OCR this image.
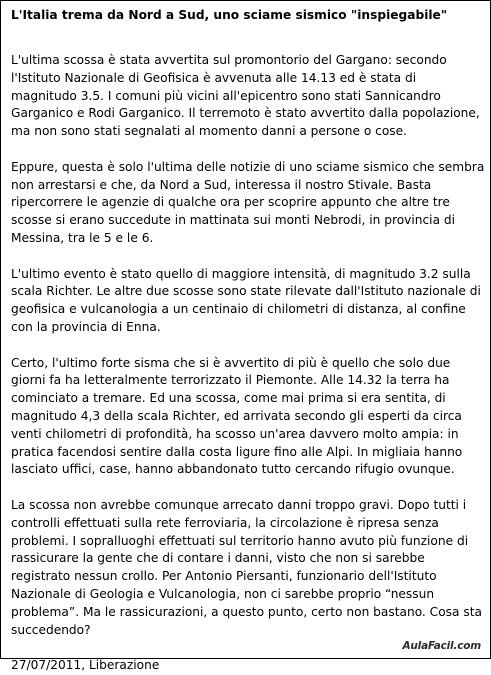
L'Italia trema da Nord a Sud, uno sciame sismico "inspiegabile"

L'ultima scossa è stata avvertita sul promontorio del Gargano: secondo l'Istituto Nazionale di Geofisica è avvenuta alle 14.13 ed è stata di magnitudo 3.5. I comuni più vicini all'epicentro sono stati Sannicandro Garganico e Rodi Garganico. Il terremoto è stato avvertito dalla popolazione, ma non sono stati segnalati al momento danni a persone o cose.

Eppure, questa è solo l'ultima delle notizie di uno sciame sismico che sembra non arrestarsi e che, da Nord a Sud, interessa il nostro Stivale. Basta ripercorrere le agenzie di qualche ora per scoprire appunto che altre tre scosse si erano succedute in mattinata sui monti Nebrodi, in provincia di Messina, tra le 5 e le 6.

L'ultimo evento è stato quello di maggiore intensità, di magnitudo 3.2 sulla scala Richter. Le altre due scosse sono state rilevate dall'Istituto nazionale di geofisica e vulcanologia a un centinaio di chilometri di distanza, al confine con la provincia di Enna.

Certo, l'ultimo forte sisma che si è avvertito di più è quello che solo due giorni fa ha letteralmente terrorizzato il Piemonte. Alle 14.32 la terra ha cominciato a tremare. Ed una scossa, come mai prima si era sentita, di magnitudo 4,3 della scala Richter, ed arrivata secondo gli esperti da circa venti chilometri di profondità, ha scosso un'area davvero molto ampia: in pratica facendosi sentire dalla costa ligure fino alle Alpi. In migliaia hanno lasciato uffici, case, hanno abbandonato tutto cercando rifugio ovunque.

La scossa non avrebbe comunque arrecato danni troppo gravi. Dopo tutti i controlli effettuati sulla rete ferroviaria, la circolazione è ripresa senza problemi. I sopralluoghi effettuati sul territorio hanno avuto più funzione di rassicurare la gente che di contare i danni, visto che non si sarebbe registrato nessun crollo. Per Antonio Piersanti, funzionario dell'Istituto Nazionale di Geologia e Vulcanologia, non ci sarebbe proprio “nessun problema”. Ma le rassicurazioni, a questo punto, certo non bastano. Cosa sta succedendo?

27/07/2011, Liberazione

AulaFacil.com
